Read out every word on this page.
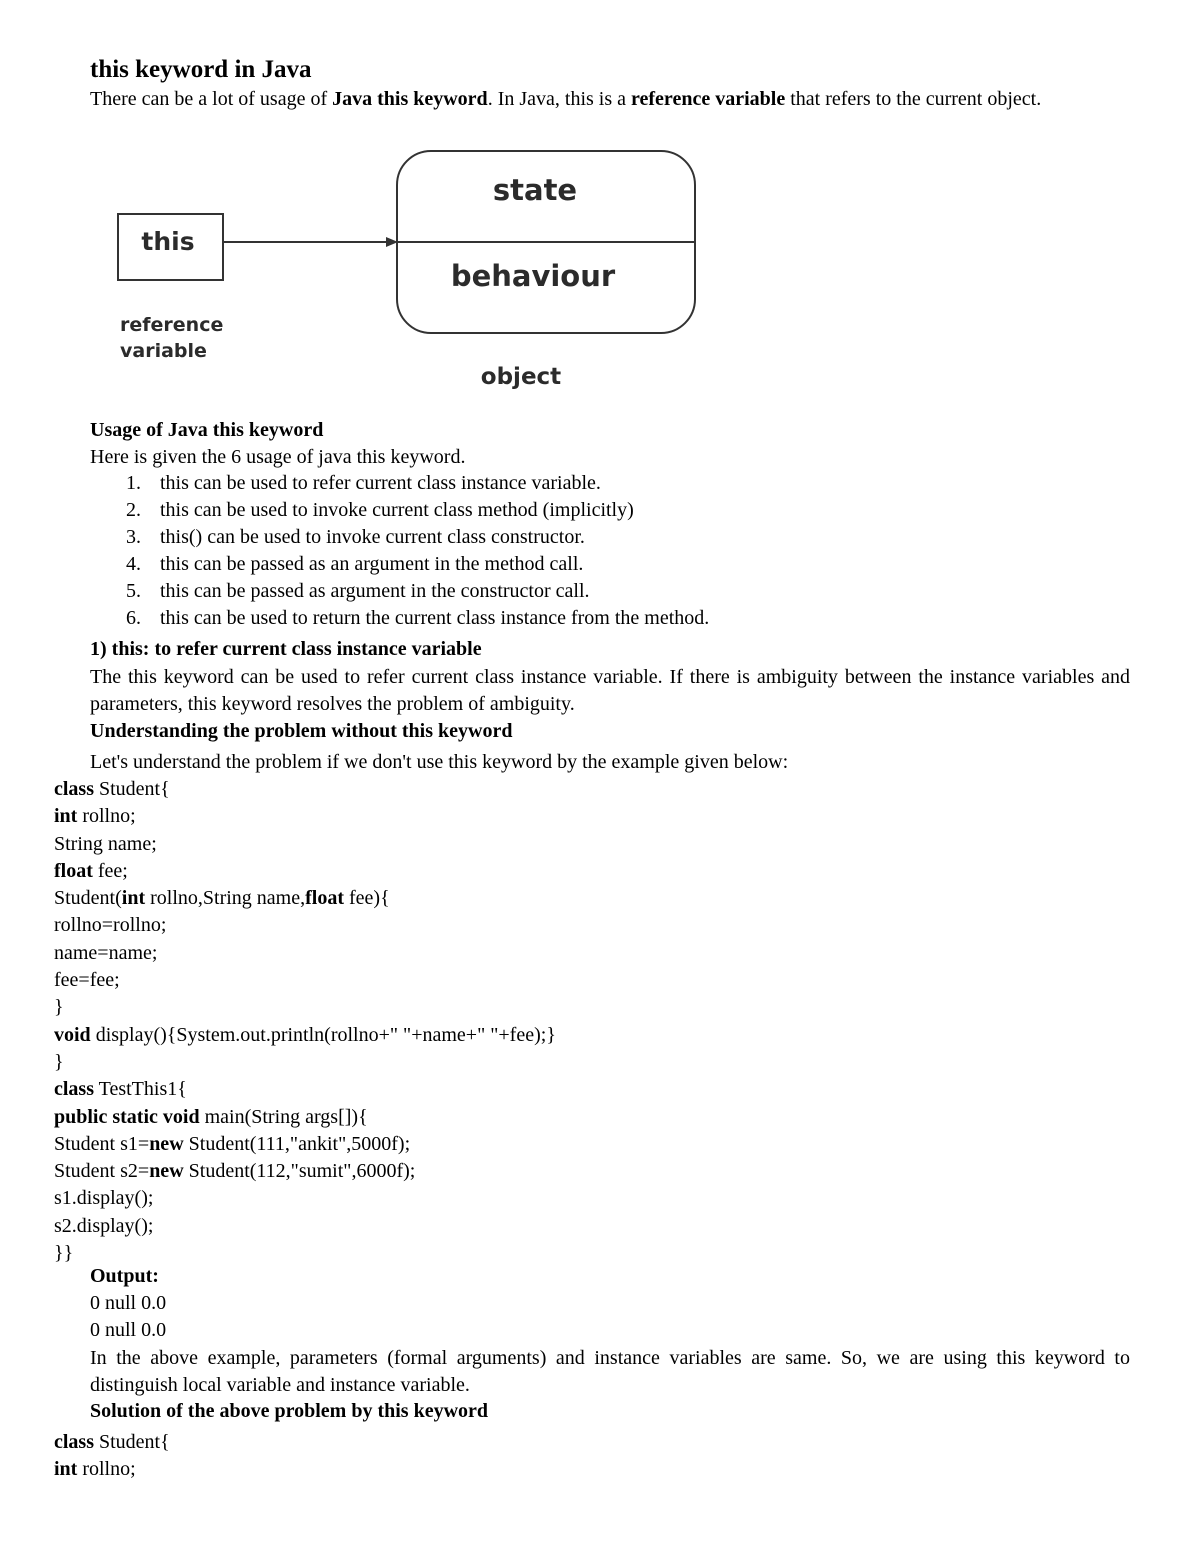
this keyword in Java

There can be a lot of usage of Java this keyword. In Java, this is a reference variable that refers to the current object.

this
state
behaviour
reference
variable
object
Usage of Java this keyword

Here is given the 6 usage of java this keyword.

1. this can be used to refer current class instance variable.
2. this can be used to invoke current class method (implicitly)
3. this() can be used to invoke current class constructor.
4. this can be passed as an argument in the method call.
5. this can be passed as argument in the constructor call.
6. this can be used to return the current class instance from the method.
1) this: to refer current class instance variable

The this keyword can be used to refer current class instance variable. If there is ambiguity between the instance variables and parameters, this keyword resolves the problem of ambiguity.

Understanding the problem without this keyword

Let's understand the problem if we don't use this keyword by the example given below:

class Student{
int rollno;
String name;
float fee;
Student(int rollno,String name,float fee){
rollno=rollno;
name=name;
fee=fee;
}
void display(){System.out.println(rollno+" "+name+" "+fee);}
}
class TestThis1{
public static void main(String args[]){
Student s1=new Student(111,"ankit",5000f);
Student s2=new Student(112,"sumit",6000f);
s1.display();
s2.display();
}}
Output:
0 null 0.0
0 null 0.0

In the above example, parameters (formal arguments) and instance variables are same. So, we are using this keyword to distinguish local variable and instance variable.

Solution of the above problem by this keyword
class Student{
int rollno;
